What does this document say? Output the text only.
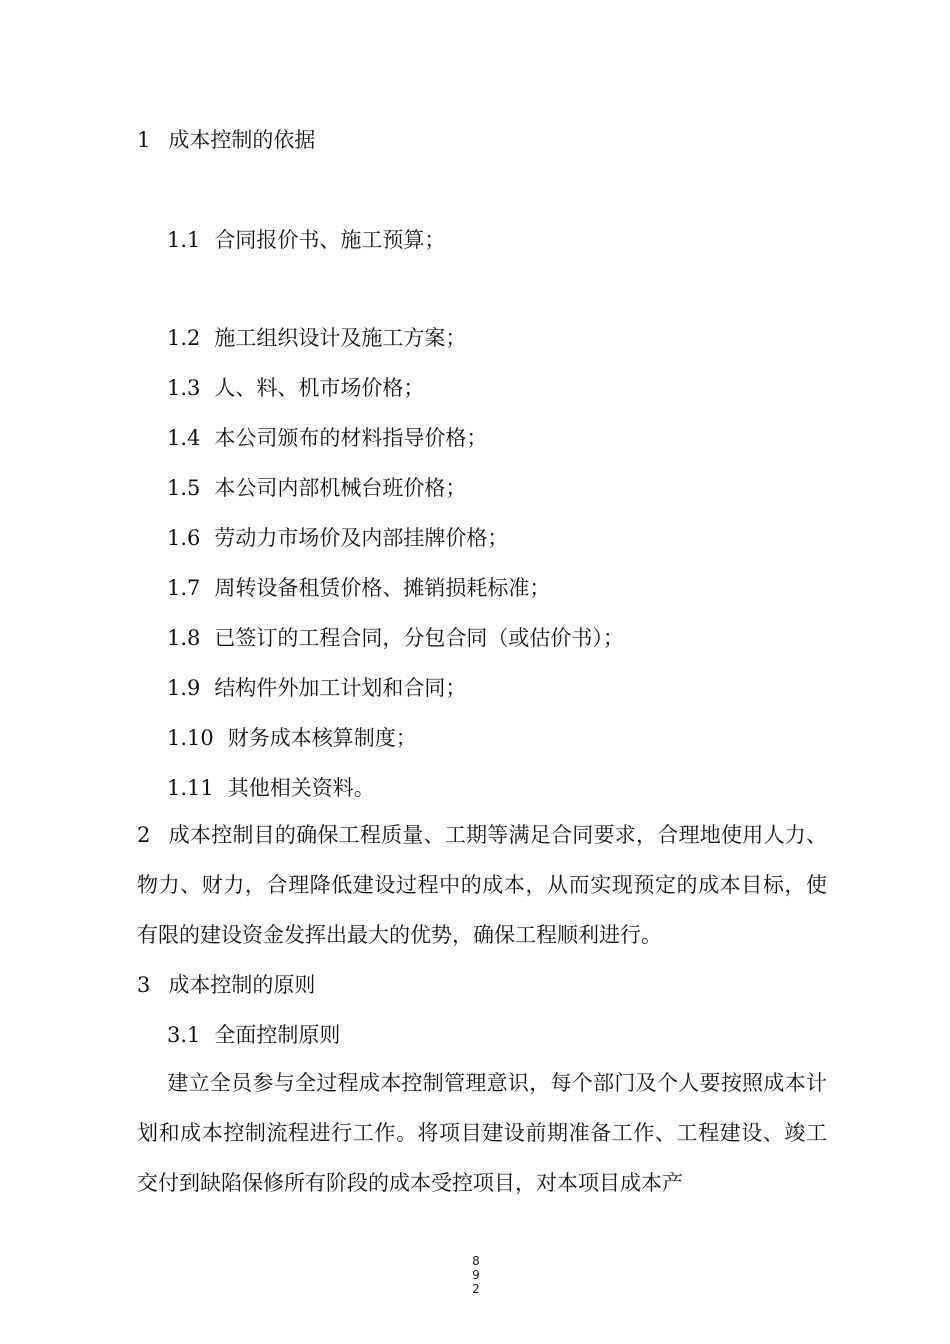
1 成本控制的依据
1.1 合同报价书、施工预算；
1.2 施工组织设计及施工方案；
1.3 人、料、机市场价格；
1.4 本公司颁布的材料指导价格；
1.5 本公司内部机械台班价格；
1.6 劳动力市场价及内部挂牌价格；
1.7 周转设备租赁价格、摊销损耗标准；
1.8 已签订的工程合同，分包合同（或估价书）；
1.9 结构件外加工计划和合同；
1.10 财务成本核算制度；
1.11 其他相关资料。
2 成本控制目的确保工程质量、工期等满足合同要求，合理地使用人力、物力、财力，合理降低建设过程中的成本，从而实现预定的成本目标，使有限的建设资金发挥出最大的优势，确保工程顺利进行。
3 成本控制的原则
3.1 全面控制原则
建立全员参与全过程成本控制管理意识，每个部门及个人要按照成本计划和成本控制流程进行工作。将项目建设前期准备工作、工程建设、竣工交付到缺陷保修所有阶段的成本受控项目，对本项目成本产
8
9
2
